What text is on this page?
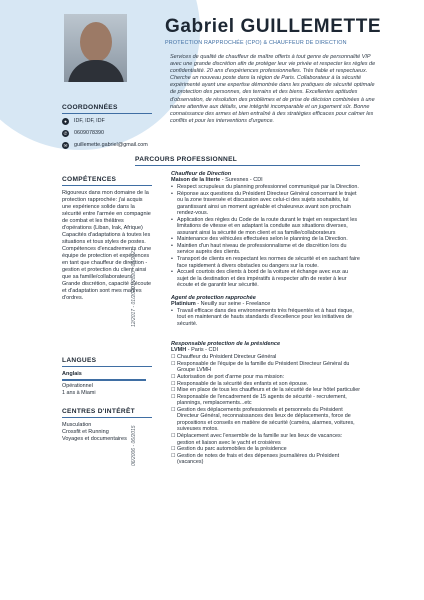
Gabriel GUILLEMETTE
PROTECTION RAPPROCHÉE (CPO) & CHAUFFEUR DE DIRECTION
Services de qualité de chauffeur de maître offerts à tout genre de personnalité VIP avec une grande discrétion afin de protéger leur vie privée et respecter les règles de confidentialité. 20 ans d'expériences professionnelles. Très fiable et respectueux. Cherche un nouveau poste dans la région de Paris. Collaborateur à la sécurité expérimenté ayant une expertise démontrée dans les pratiques de sécurité optimale de protection des personnes, des terrains et des biens. Excellentes aptitudes d'observation, de résolution des problèmes et de prise de décision combinées à une nature attentive aux détails, une intégrité incomparable et un jugement sûr. Bonne connaissance des armes et bien entraîné à des stratégies efficaces pour calmer les conflits et pour les interventions d'urgence.
COORDONNÉES
●	IDF, IDF, IDF
✆ 0609078390
✉ guillemette.gabriel@gmail.com
COMPÉTENCES
Rigoureux dans mon domaine de la protection rapprochée: j'ai acquis une expérience solide dans la sécurité entre l'armée en compagnie de combat et les théâtres d'opérations (Liban, Irak, Afrique) Capacités d'adaptations à toutes les situations et tous styles de postes. Compétences d'encadrements d'une équipe de protection et expériences en tant que chauffeur de direction - gestion et protection du client ainsi que sa famille/collaborateurs. Grande discrétion, capacité d'écoute et d'adaptation sont mes maîtres d'ordres.
LANGUES
Anglais
Opérationnel
1 ans à Miami
CENTRES D'INTÉRÊT
Musculation
Crossfit et Running
Voyages et documentaires
PARCOURS PROFESSIONNEL
01/2020 - 09/2021
Chauffeur de Direction
Maison de la literie - Suresnes - CDI
• Respect scrupuleux du planning professionnel communiqué par la Direction.
• Réponse aux questions du Président Directeur Général concernant le trajet ou la zone traversée et discussion avec celui-ci des sujets souhaités, lui garantissant ainsi un moment agréable et chaleureux avant son prochain rendez-vous.
• Application des règles du Code de la route durant le trajet en respectant les limitations de vitesse et en adaptant la conduite aux situations diverses, assurant ainsi la sécurité de mon client et sa famille/collaborateurs
• Maintenance des véhicules effectuées selon le planning de la Direction.
• Maintien d'un haut niveau de professionnalisme et de discrétion lors du service auprès des clients.
• Transport de clients en respectant les normes de sécurité et en sachant faire face rapidement à divers obstacles ou dangers sur la route.
• Accueil courtois des clients à bord de la voiture et échange avec eux au sujet de la destination et des impératifs à respecter afin de rester à leur écoute et de garantir leur sécurité.
12/2017 - 01/2020	Agent de protection rapprochée
Platinium - Neuilly sur seine - Freelance
• Travail efficace dans des environnements très fréquentés et à haut risque, tout en maintenant de hauts standards d'excellence pour les initiatives de sécurité.
06/2006 - 06/2015
Responsable protection de la présidence
LVMH - Paris - CDI
☐ Chauffeur du Président Directeur Général
☐ Responsable de l'équipe de la famille du Président Directeur Général du Groupe LVMH
☐ Autorisation de port d'arme pour ma mission:
☐ Responsable de la sécurité des enfants et son épouse.
☐ Mise en place de tous les chauffeurs et de la sécurité de leur hôtel particulier
☐ Responsable de l'encadrement de 15 agents de sécurité - recrutement, plannings, remplacements...etc
☐ Gestion des déplacements professionnels et personnels du Président Directeur Général, reconnaissances des lieux de déplacements, force de propositions et conseils en matière de sécurité (caméra, alarmes, voitures, suiveuses motos.
☐ Déplacement avec l'ensemble de la famille sur les lieux de vacances: gestion et liaison avec le yacht et croisières
☐ Gestion du parc automobiles de la présidence
☐ Gestion de notes de frais et des dépenses journalières du Président (vacances)
